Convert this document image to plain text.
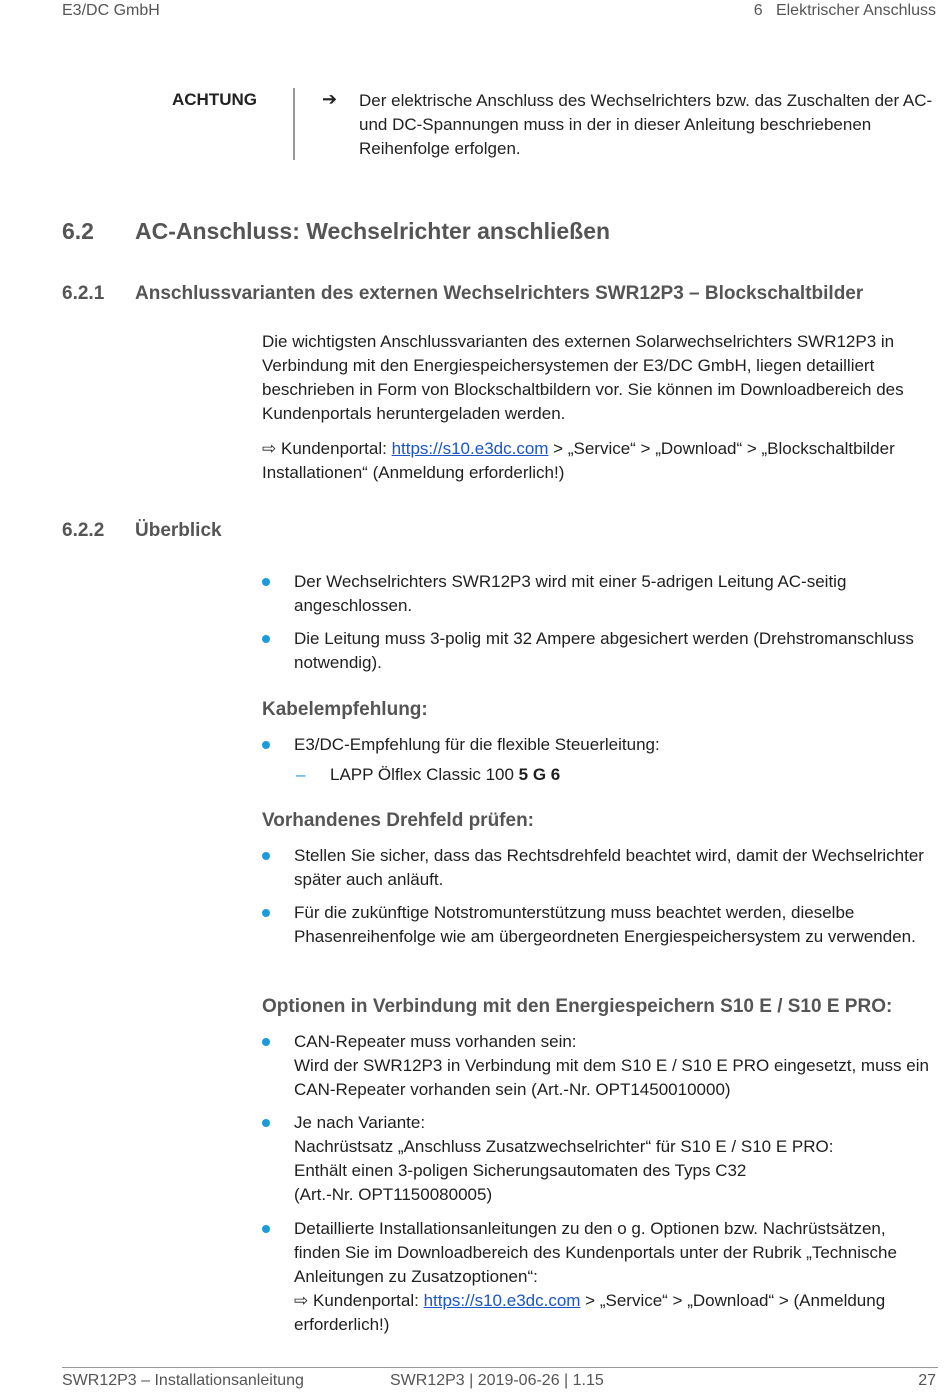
E3/DC GmbH	6   Elektrischer Anschluss
ACHTUNG	➔ Der elektrische Anschluss des Wechselrichters bzw. das Zuschalten der AC- und DC-Spannungen muss in der in dieser Anleitung beschriebenen Reihenfolge erfolgen.
6.2 AC-Anschluss: Wechselrichter anschließen
6.2.1 Anschlussvarianten des externen Wechselrichters SWR12P3 – Blockschaltbilder
Die wichtigsten Anschlussvarianten des externen Solarwechselrichters SWR12P3 in Verbindung mit den Energiespeichersystemen der E3/DC GmbH, liegen detailliert beschrieben in Form von Blockschaltbildern vor. Sie können im Downloadbereich des Kundenportals heruntergeladen werden.
⇨ Kundenportal: https://s10.e3dc.com > „Service“ > „Download“ > „Blockschaltbilder Installationen“ (Anmeldung erforderlich!)
6.2.2 Überblick
Der Wechselrichters SWR12P3 wird mit einer 5-adrigen Leitung AC-seitig angeschlossen.
Die Leitung muss 3-polig mit 32 Ampere abgesichert werden (Drehstromanschluss notwendig).
Kabelempfehlung:
E3/DC-Empfehlung für die flexible Steuerleitung:
– LAPP Ölflex Classic 100 5 G 6
Vorhandenes Drehfeld prüfen:
Stellen Sie sicher, dass das Rechtsdrehfeld beachtet wird, damit der Wechselrichter später auch anläuft.
Für die zukünftige Notstromunterstützung muss beachtet werden, dieselbe Phasenreihenfolge wie am übergeordneten Energiespeichersystem zu verwenden.
Optionen in Verbindung mit den Energiespeichern S10 E / S10 E PRO:
CAN-Repeater muss vorhanden sein:
Wird der SWR12P3 in Verbindung mit dem S10 E / S10 E PRO eingesetzt, muss ein CAN-Repeater vorhanden sein (Art.-Nr. OPT1450010000)
Je nach Variante:
Nachrüstsatz „Anschluss Zusatzwechselrichter“ für S10 E / S10 E PRO:
Enthält einen 3-poligen Sicherungsautomaten des Typs C32
(Art.-Nr. OPT1150080005)
Detaillierte Installationsanleitungen zu den o g. Optionen bzw. Nachrüstsätzen, finden Sie im Downloadbereich des Kundenportals unter der Rubrik „Technische Anleitungen zu Zusatzoptionen“:
⇨ Kundenportal: https://s10.e3dc.com > „Service“ > „Download“ > (Anmeldung erforderlich!)
SWR12P3 – Installationsanleitung	SWR12P3 | 2019-06-26 | 1.15	27
